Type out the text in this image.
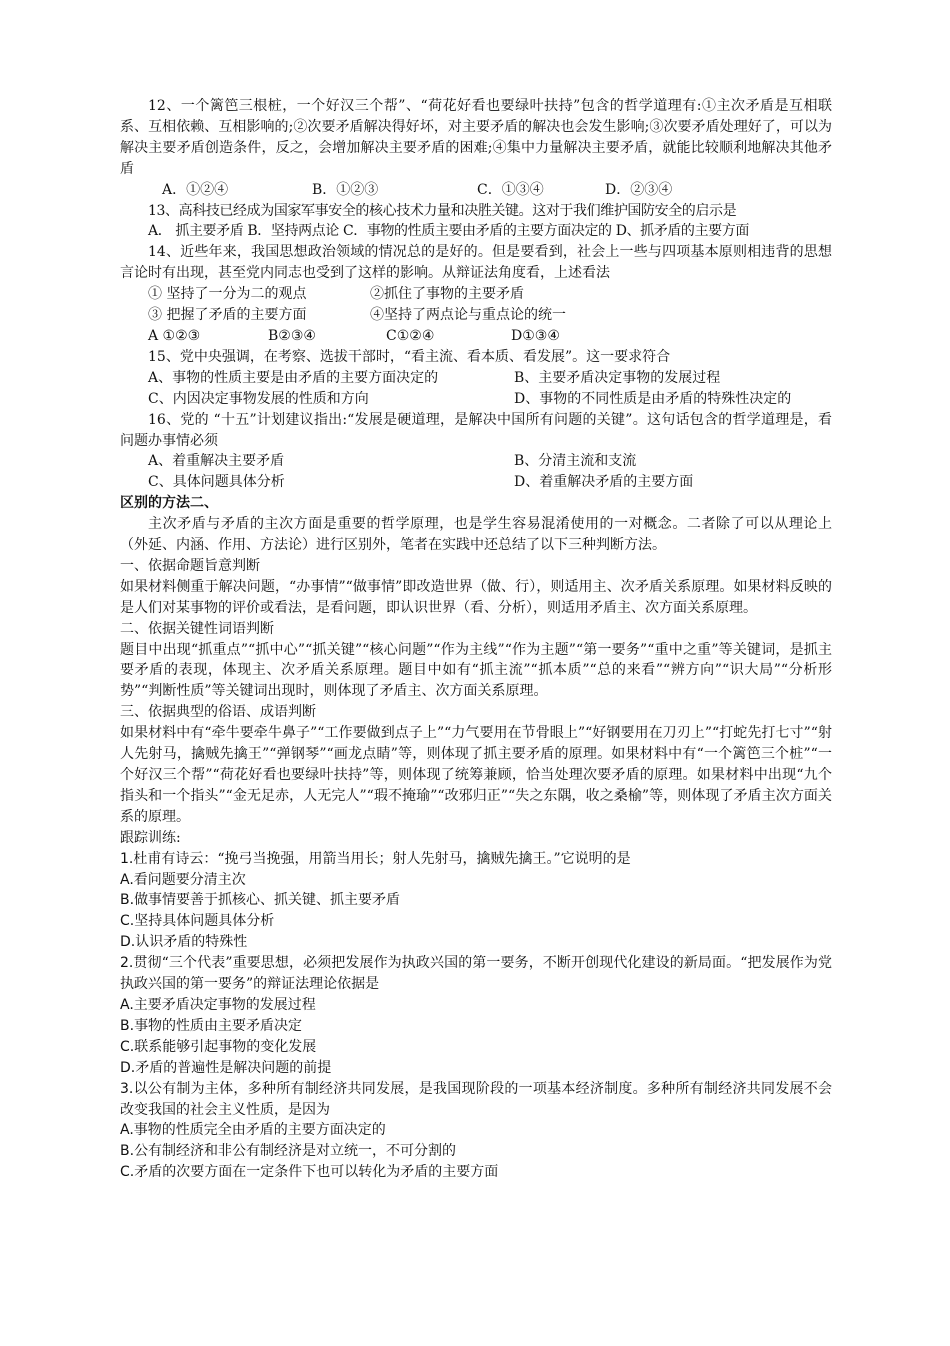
12、一个篱笆三根桩，一个好汉三个帮”、“荷花好看也要绿叶扶持”包含的哲学道理有:①主次矛盾是互相联系、互相依赖、互相影响的;②次要矛盾解决得好坏，对主要矛盾的解决也会发生影响;③次要矛盾处理好了，可以为解决主要矛盾创造条件，反之，会增加解决主要矛盾的困难;④集中力量解决主要矛盾，就能比较顺利地解决其他矛盾

A．①②④	B．①②③	C．①③④	D．②③④

13、高科技已经成为国家军事安全的核心技术力量和决胜关键。这对于我们维护国防安全的启示是

A． 抓主要矛盾 B．坚持两点论 C．事物的性质主要由矛盾的主要方面决定的 D、抓矛盾的主要方面

14、近些年来，我国思想政治领域的情况总的是好的。但是要看到，社会上一些与四项基本原则相违背的思想言论时有出现，甚至党内同志也受到了这样的影响。从辩证法角度看，上述看法

① 坚持了一分为二的观点	②抓住了事物的主要矛盾
③ 把握了矛盾的主要方面	④坚持了两点论与重点论的统一
A ①②③	B②③④	C①②④	D①③④

15、党中央强调，在考察、选拔干部时，“看主流、看本质、看发展”。这一要求符合

A、事物的性质主要是由矛盾的主要方面决定的	B、主要矛盾决定事物的发展过程
C、内因决定事物发展的性质和方向	D、事物的不同性质是由矛盾的特殊性决定的

16、党的 “十五”计划建议指出:“发展是硬道理，是解决中国所有问题的关键”。这句话包含的哲学道理是，看问题办事情必须

A、着重解决主要矛盾	B、分清主流和支流
C、具体问题具体分析	D、着重解决矛盾的主要方面

区别的方法二、

主次矛盾与矛盾的主次方面是重要的哲学原理，也是学生容易混淆使用的一对概念。二者除了可以从理论上（外延、内涵、作用、方法论）进行区别外，笔者在实践中还总结了以下三种判断方法。

一、依据命题旨意判断

如果材料侧重于解决问题，“办事情”“做事情”即改造世界（做、行），则适用主、次矛盾关系原理。如果材料反映的是人们对某事物的评价或看法，是看问题，即认识世界（看、分析），则适用矛盾主、次方面关系原理。

二、依据关键性词语判断

题目中出现“抓重点”“抓中心”“抓关键”“核心问题”“作为主线”“作为主题”“第一要务”“重中之重”等关键词，是抓主要矛盾的表现，体现主、次矛盾关系原理。题目中如有“抓主流”“抓本质”“总的来看”“辨方向”“识大局”“分析形势”“判断性质”等关键词出现时，则体现了矛盾主、次方面关系原理。

三、依据典型的俗语、成语判断

如果材料中有“牵牛要牵牛鼻子”“工作要做到点子上”“力气要用在节骨眼上”“好钢要用在刀刃上”“打蛇先打七寸”“射人先射马，擒贼先擒王”“弹钢琴”“画龙点睛”等，则体现了抓主要矛盾的原理。如果材料中有“一个篱笆三个桩”“一个好汉三个帮”“荷花好看也要绿叶扶持”等，则体现了统筹兼顾，恰当处理次要矛盾的原理。如果材料中出现“九个指头和一个指头”“金无足赤，人无完人”“瑕不掩瑜”“改邪归正”“失之东隅，收之桑榆”等，则体现了矛盾主次方面关系的原理。

跟踪训练:

1.杜甫有诗云：“挽弓当挽强，用箭当用长；射人先射马，擒贼先擒王。”它说明的是

A.看问题要分清主次

B.做事情要善于抓核心、抓关键、抓主要矛盾

C.坚持具体问题具体分析

D.认识矛盾的特殊性

2.贯彻“三个代表”重要思想，必须把发展作为执政兴国的第一要务，不断开创现代化建设的新局面。“把发展作为党执政兴国的第一要务”的辩证法理论依据是

A.主要矛盾决定事物的发展过程

B.事物的性质由主要矛盾决定

C.联系能够引起事物的变化发展

D.矛盾的普遍性是解决问题的前提

3.以公有制为主体，多种所有制经济共同发展，是我国现阶段的一项基本经济制度。多种所有制经济共同发展不会改变我国的社会主义性质，是因为

A.事物的性质完全由矛盾的主要方面决定的

B.公有制经济和非公有制经济是对立统一，不可分割的

C.矛盾的次要方面在一定条件下也可以转化为矛盾的主要方面
